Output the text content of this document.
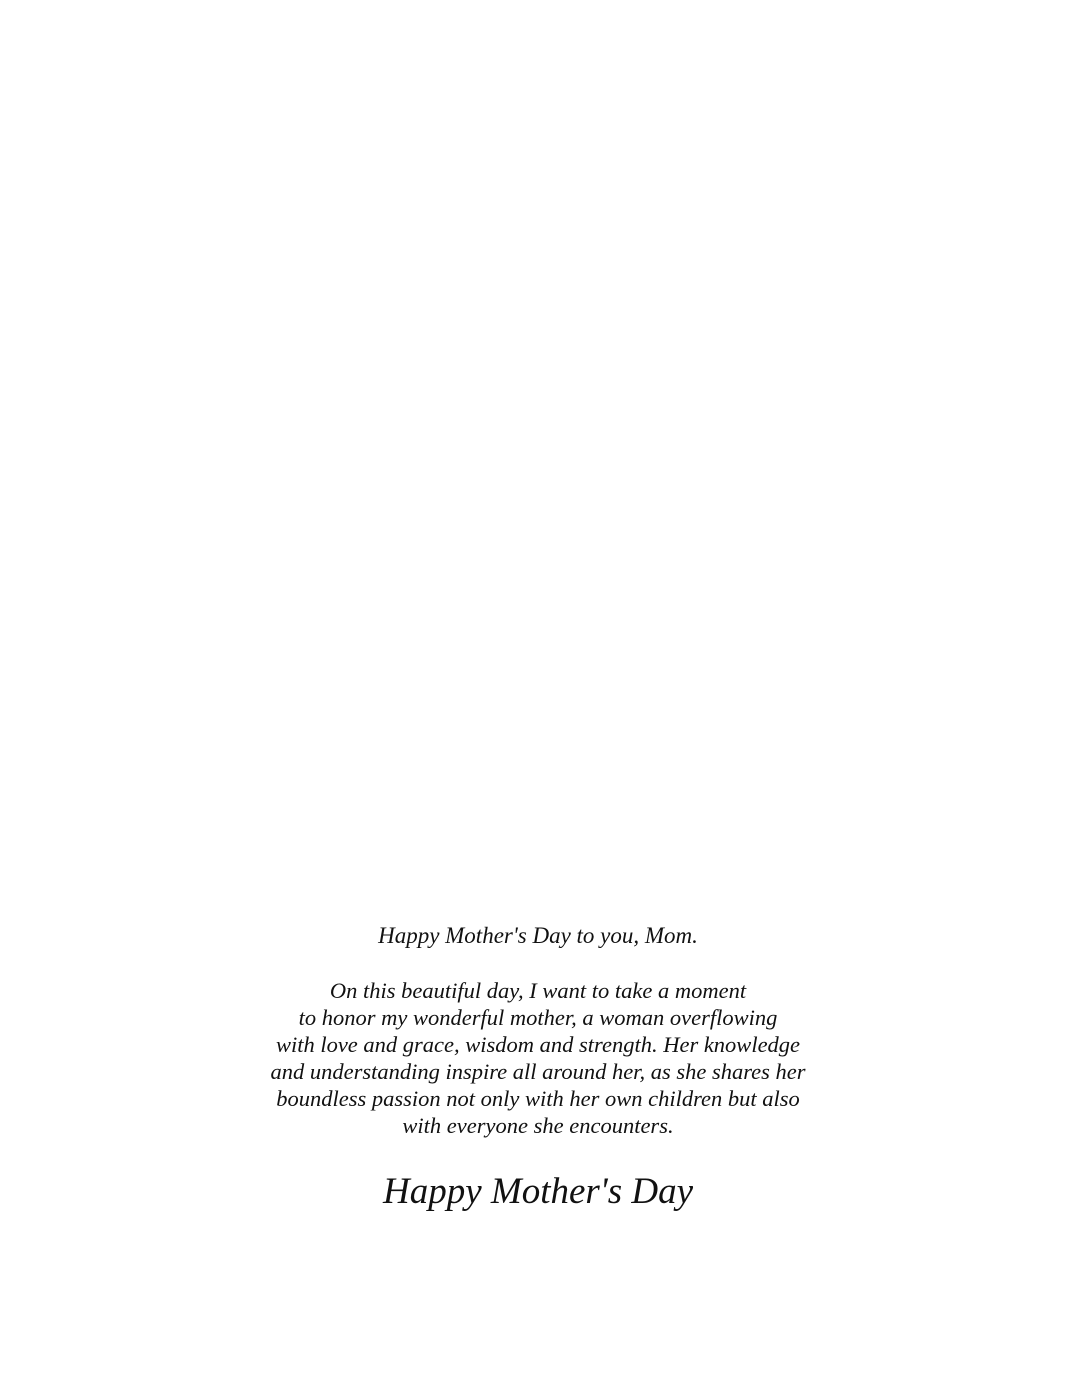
Happy Mother's Day to you, Mom.
On this beautiful day, I want to take a moment
to honor my wonderful mother, a woman overflowing
with love and grace, wisdom and strength. Her knowledge
and understanding inspire all around her, as she shares her
boundless passion not only with her own children but also
with everyone she encounters.
Happy Mother's Day
